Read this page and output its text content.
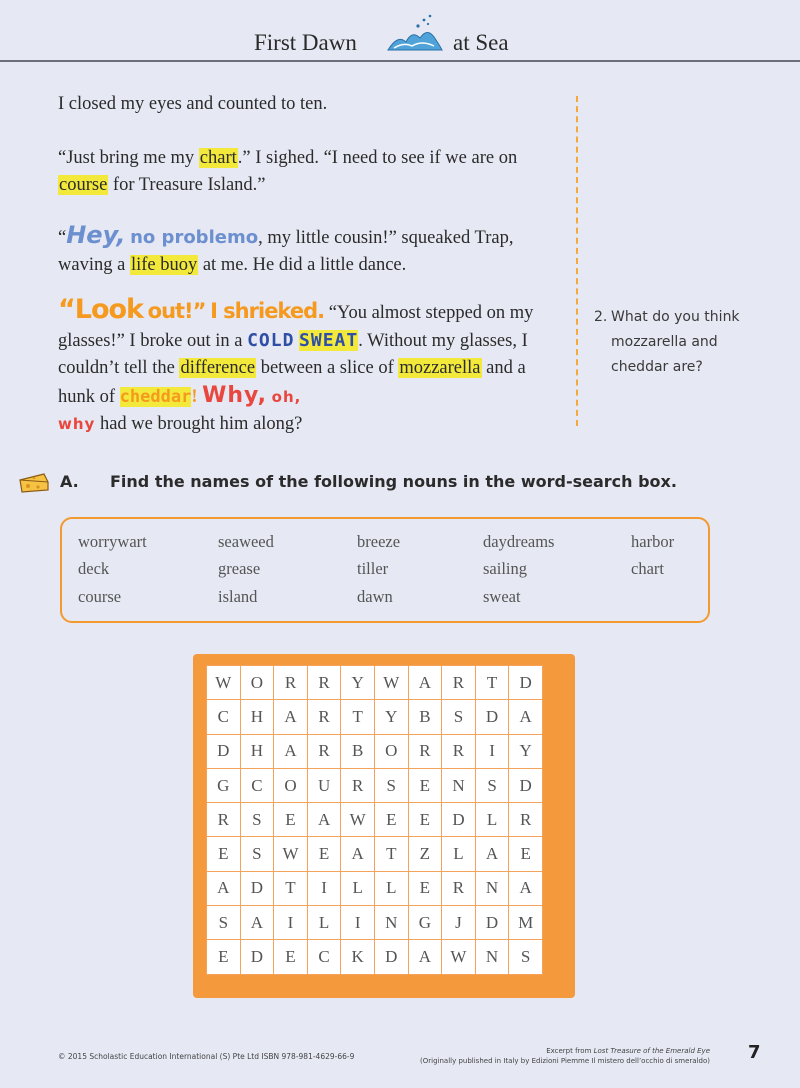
First Dawn	at Sea
I closed my eyes and counted to ten.
“Just bring me my chart.” I sighed. “I need to see if we are on course for Treasure Island.”
“Hey, no problemo, my little cousin!” squeaked Trap, waving a life buoy at me. He did a little dance.
“Look out!” I shrieked. “You almost stepped on my glasses!” I broke out in a COLD SWEAT. Without my glasses, I couldn’t tell the difference between a slice of mozzarella and a hunk of cheddar! Why, oh,
why had we brought him along?
2. What do you think mozzarella and cheddar are?
A. Find the names of the following nouns in the word-search box.
worrywart	seaweed	breeze	daydreams	harbor
deck	grease	tiller	sailing	chart
course	island	dawn	sweat
W	O	R	R	Y	W	A	R	T	D
C	H	A	R	T	Y	B	S	D	A
D	H	A	R	B	O	R	R	I	Y
G	C	O	U	R	S	E	N	S	D
R	S	E	A	W	E	E	D	L	R
E	S	W	E	A	T	Z	L	A	E
A	D	T	I	L	L	E	R	N	A
S	A	I	L	I	N	G	J	D	M
E	D	E	C	K	D	A	W	N	S
© 2015 Scholastic Education International (S) Pte Ltd ISBN 978-981-4629-66-9
Excerpt from Lost Treasure of the Emerald Eye
(Originally published in Italy by Edizioni Piemme Il mistero dell’occhio di smeraldo) 7
